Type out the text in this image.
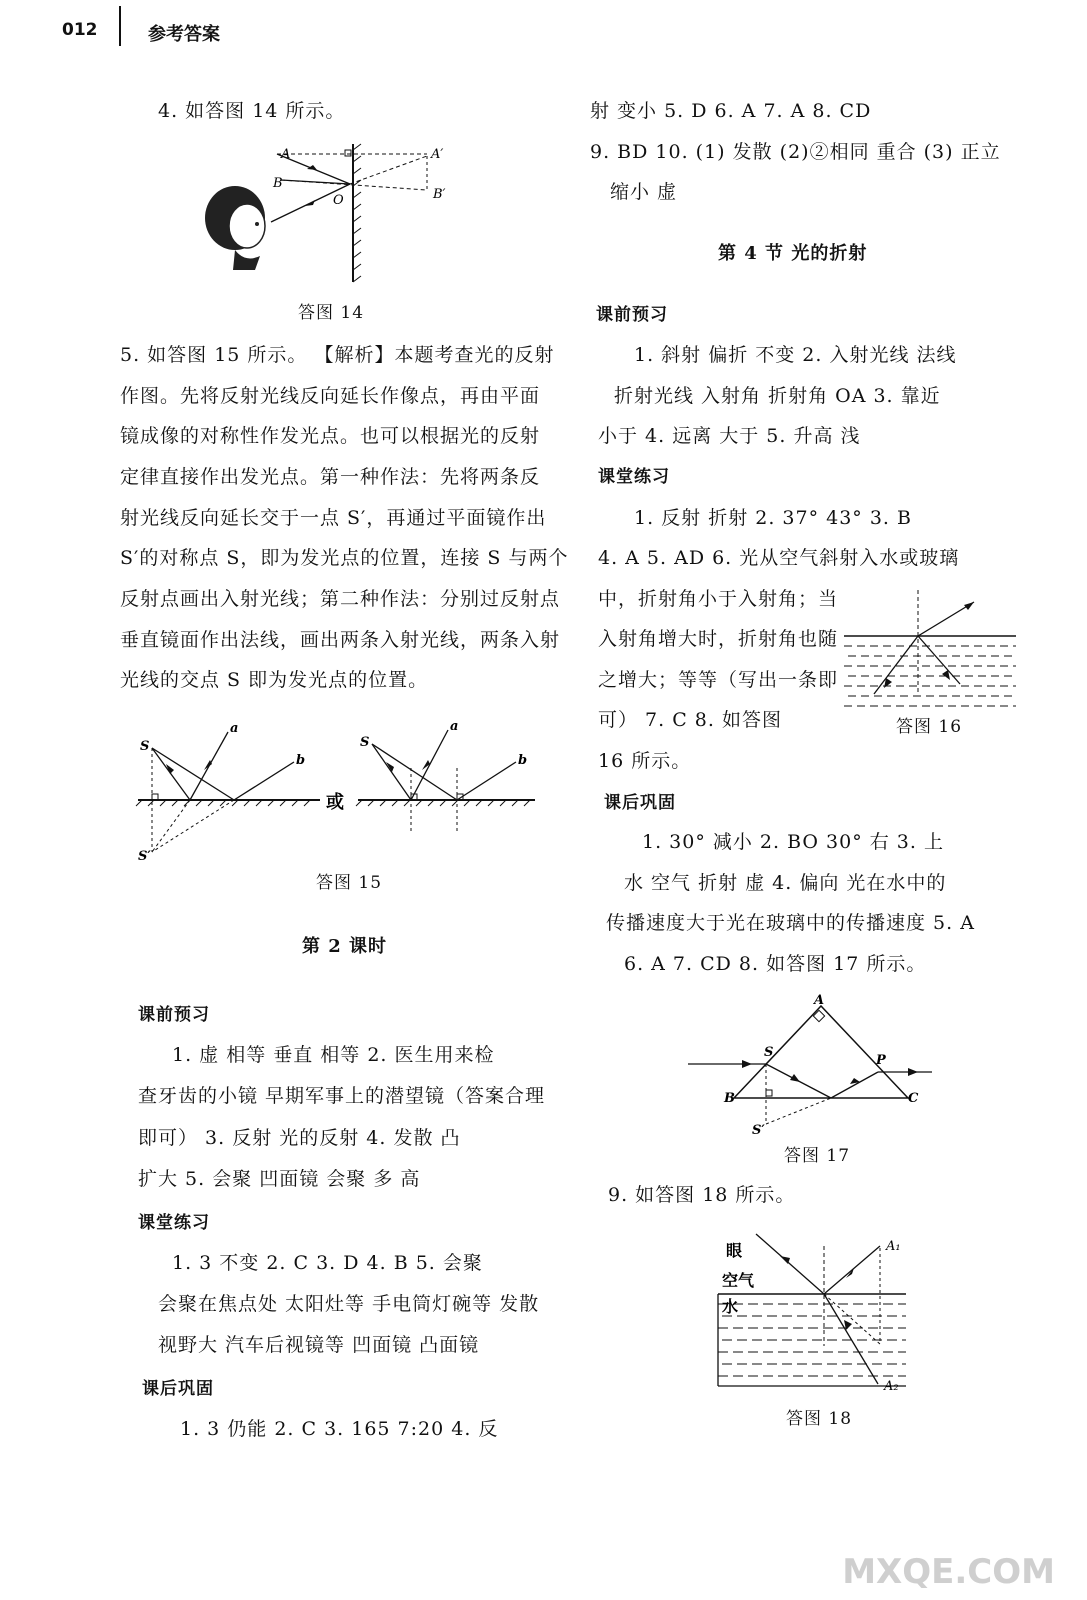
012	参考答案
4. 如答图 14 所示。
A	A′
B
B′
O
答图 14
5. 如答图 15 所示。 【解析】本题考查光的反射
作图。先将反射光线反向延长作像点，再由平面
镜成像的对称性作发光点。也可以根据光的反射
定律直接作出发光点。第一种作法：先将两条反
射光线反向延长交于一点 S′，再通过平面镜作出
S′的对称点 S，即为发光点的位置，连接 S 与两个
反射点画出入射光线；第二种作法：分别过反射点
垂直镜面作出法线，画出两条入射光线，两条入射
光线的交点 S 即为发光点的位置。
S
a
b
S′
或
S
a
b
答图 15
第 2 课时
课前预习
1. 虚 相等 垂直 相等 2. 医生用来检
查牙齿的小镜 早期军事上的潜望镜（答案合理
即可） 3. 反射 光的反射 4. 发散 凸
扩大 5. 会聚 凹面镜 会聚 多 高
课堂练习
1. 3 不变 2. C 3. D 4. B 5. 会聚
会聚在焦点处 太阳灶等 手电筒灯碗等 发散
视野大 汽车后视镜等 凹面镜 凸面镜
课后巩固
1. 3 仍能 2. C 3. 165 7:20 4. 反
射 变小 5. D 6. A 7. A 8. CD
9. BD 10. (1) 发散 (2)②相同 重合 (3) 正立
缩小 虚
第 4 节 光的折射
课前预习
1. 斜射 偏折 不变 2. 入射光线 法线
折射光线 入射角 折射角 OA 3. 靠近
小于 4. 远离 大于 5. 升高 浅
课堂练习
1. 反射 折射 2. 37° 43° 3. B
4. A 5. AD 6. 光从空气斜射入水或玻璃
中，折射角小于入射角；当
入射角增大时，折射角也随
之增大；等等（写出一条即
可） 7. C 8. 如答图
16 所示。
答图 16
课后巩固
1. 30° 减小 2. BO 30° 右 3. 上
水 空气 折射 虚 4. 偏向 光在水中的
传播速度大于光在玻璃中的传播速度 5. A
6. A 7. CD 8. 如答图 17 所示。
A
S
P
B	C
S′
答图 17
9. 如答图 18 所示。
眼
空气
水
A₁
A₂
答图 18
MXQE.COM
